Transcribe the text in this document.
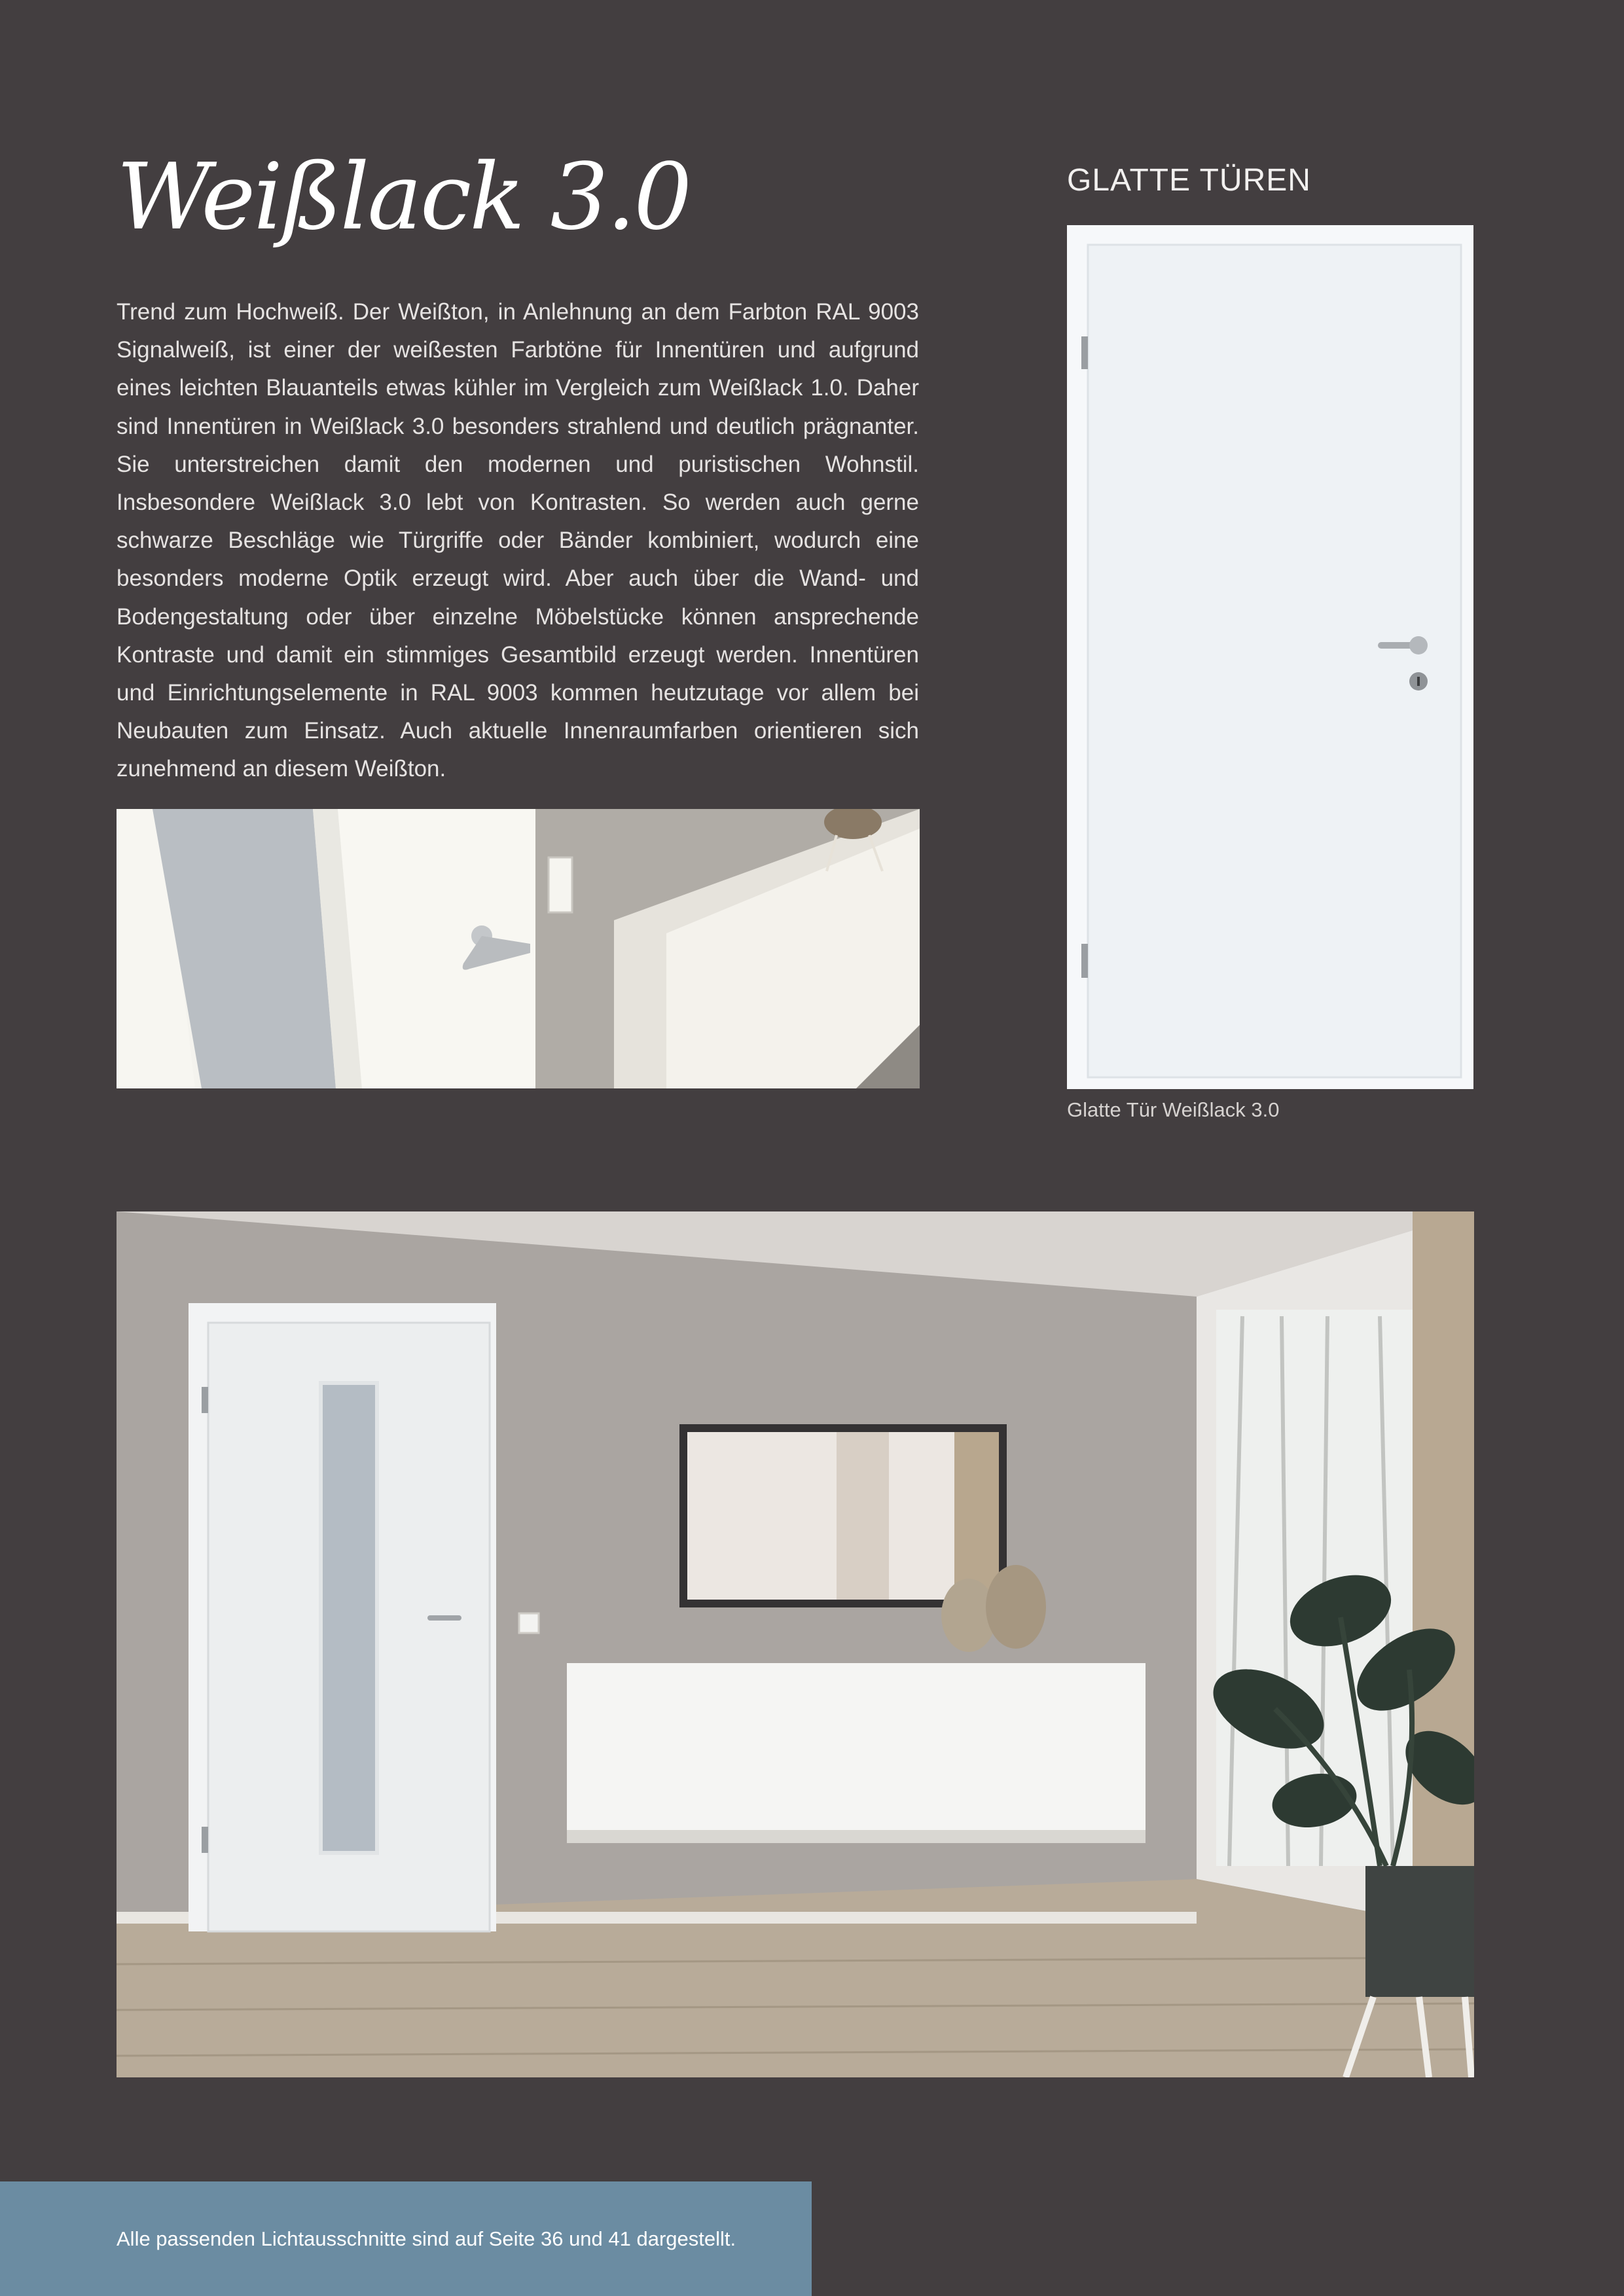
Weißlack 3.0
Trend zum Hochweiß. Der Weißton, in Anlehnung an dem Farbton RAL 9003 Signalweiß, ist einer der weißesten Farbtöne für Innentüren und aufgrund eines leichten Blauanteils etwas kühler im Vergleich zum Weißlack 1.0. Daher sind Innentüren in Weißlack 3.0 besonders strahlend und deutlich prägnanter. Sie unterstreichen damit den modernen und puristischen Wohnstil. Insbesondere Weißlack 3.0 lebt von Kontrasten. So werden auch gerne schwarze Beschläge wie Türgriffe oder Bänder kombiniert, wodurch eine besonders moderne Optik erzeugt wird. Aber auch über die Wand- und Bodengestaltung oder über einzelne Möbelstücke können ansprechende Kontraste und damit ein stimmiges Gesamtbild erzeugt werden. Innentüren und Einrichtungselemente in RAL 9003 kommen heutzutage vor allem bei Neubauten zum Einsatz. Auch aktuelle Innenraumfarben orientieren sich zunehmend an diesem Weißton.
GLATTE TÜREN
Glatte Tür Weißlack 3.0
Alle passenden Lichtausschnitte sind auf Seite 36 und 41 dargestellt.
